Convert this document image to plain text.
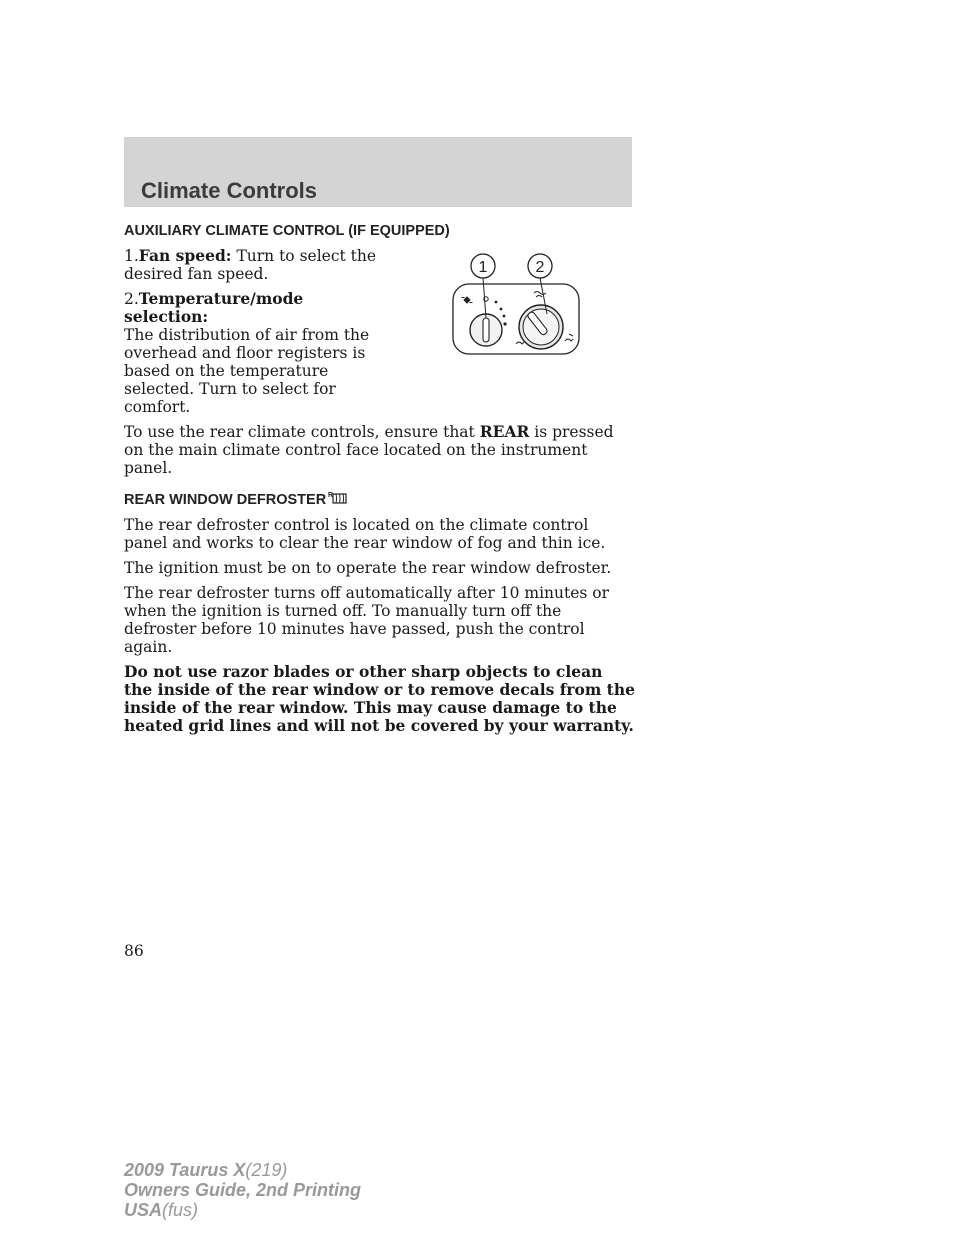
Climate Controls
AUXILIARY CLIMATE CONTROL (IF EQUIPPED)

1.Fan speed: Turn to select the desired fan speed.

2.Temperature/mode selection:
The distribution of air from the overhead and floor registers is based on the temperature selected. Turn to select for comfort.

To use the rear climate controls, ensure that REAR is pressed on the main climate control face located on the instrument panel.

REAR WINDOW DEFROSTER R

The rear defroster control is located on the climate control panel and works to clear the rear window of fog and thin ice.

The ignition must be on to operate the rear window defroster.

The rear defroster turns off automatically after 10 minutes or when the ignition is turned off. To manually turn off the defroster before 10 minutes have passed, push the control again.

Do not use razor blades or other sharp objects to clean the inside of the rear window or to remove decals from the inside of the rear window. This may cause damage to the heated grid lines and will not be covered by your warranty.

1	2
86
2009 Taurus X(219)
Owners Guide, 2nd Printing
USA(fus)
